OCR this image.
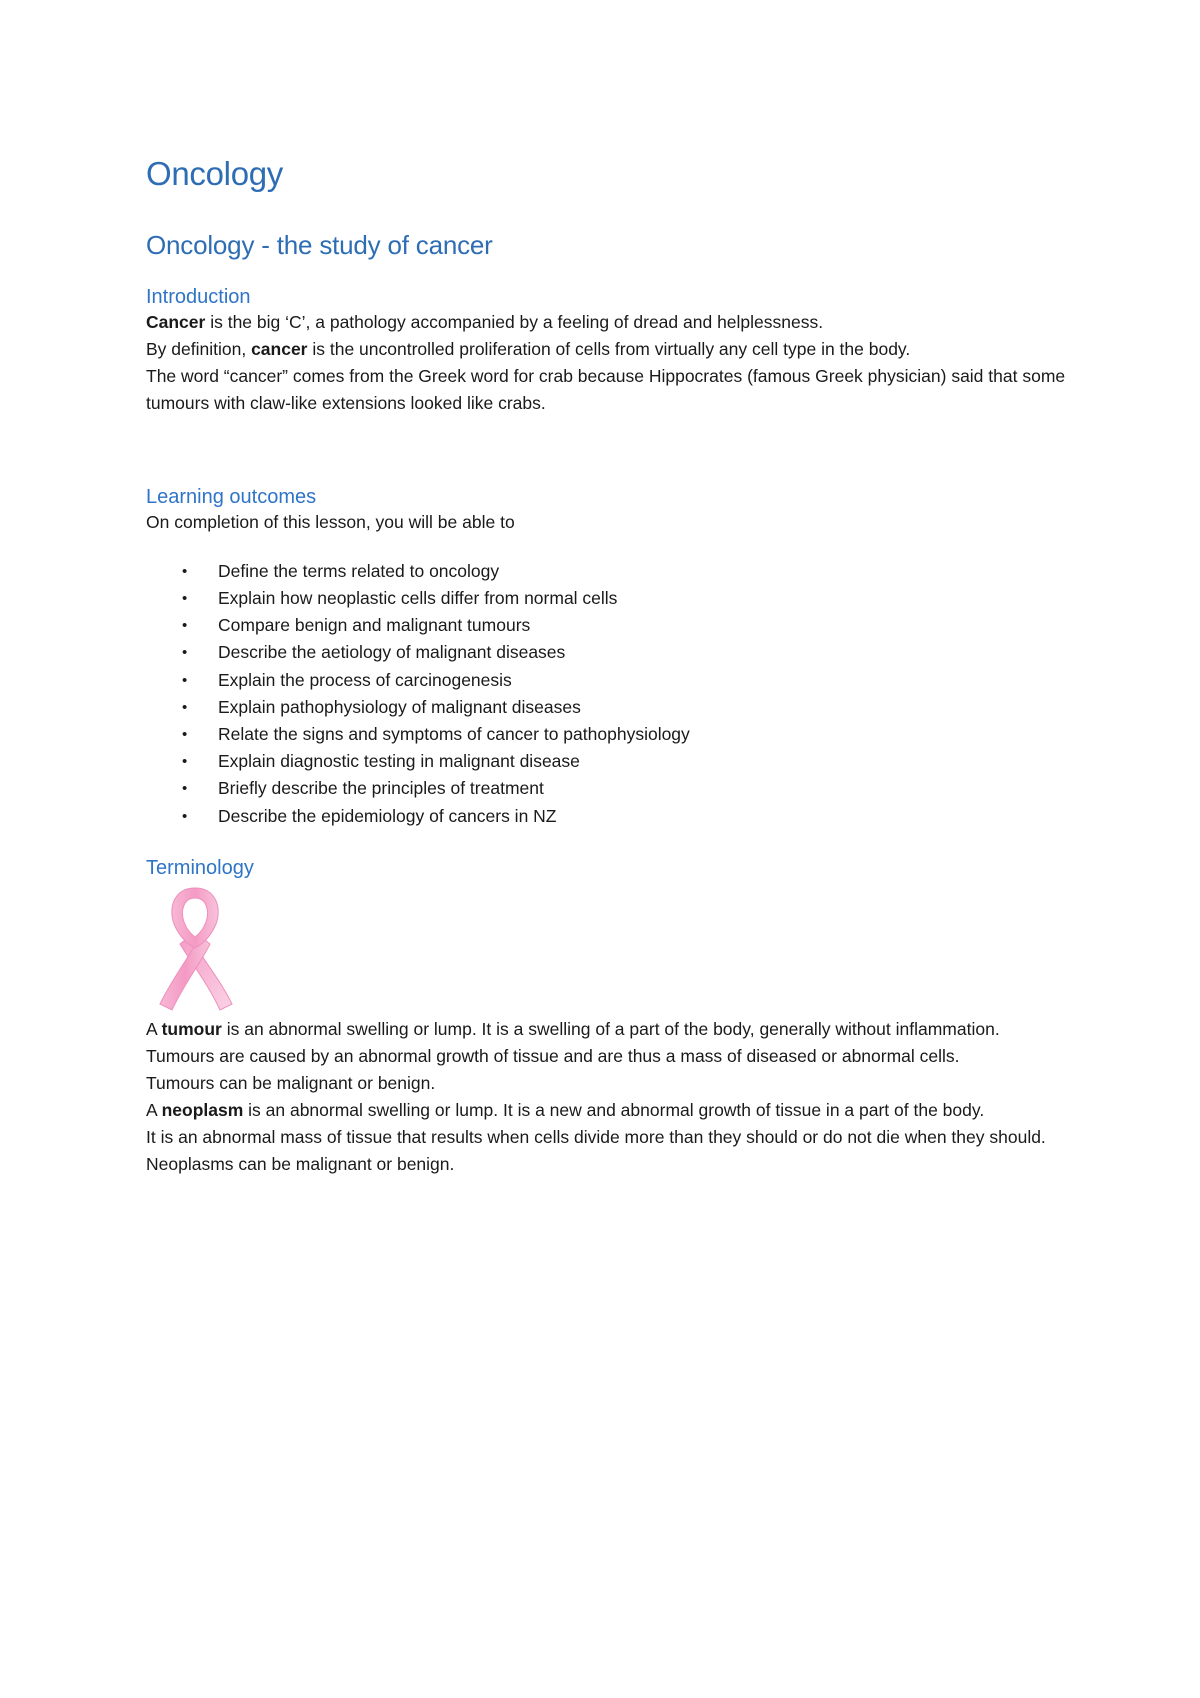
Oncology
Oncology - the study of cancer
Introduction

Cancer is the big ‘C’, a pathology accompanied by a feeling of dread and helplessness.

By definition, cancer is the uncontrolled proliferation of cells from virtually any cell type in the body.

The word “cancer” comes from the Greek word for crab because Hippocrates (famous Greek physician) said that some tumours with claw-like extensions looked like crabs.

Learning outcomes

On completion of this lesson, you will be able to

• Define the terms related to oncology
• Explain how neoplastic cells differ from normal cells
• Compare benign and malignant tumours
• Describe the aetiology of malignant diseases
• Explain the process of carcinogenesis
• Explain pathophysiology of malignant diseases
• Relate the signs and symptoms of cancer to pathophysiology
• Explain diagnostic testing in malignant disease
• Briefly describe the principles of treatment
• Describe the epidemiology of cancers in NZ
Terminology

A tumour is an abnormal swelling or lump. It is a swelling of a part of the body, generally without inflammation.

Tumours are caused by an abnormal growth of tissue and are thus a mass of diseased or abnormal cells.

Tumours can be malignant or benign.

A neoplasm is an abnormal swelling or lump. It is a new and abnormal growth of tissue in a part of the body.

It is an abnormal mass of tissue that results when cells divide more than they should or do not die when they should.

Neoplasms can be malignant or benign.
